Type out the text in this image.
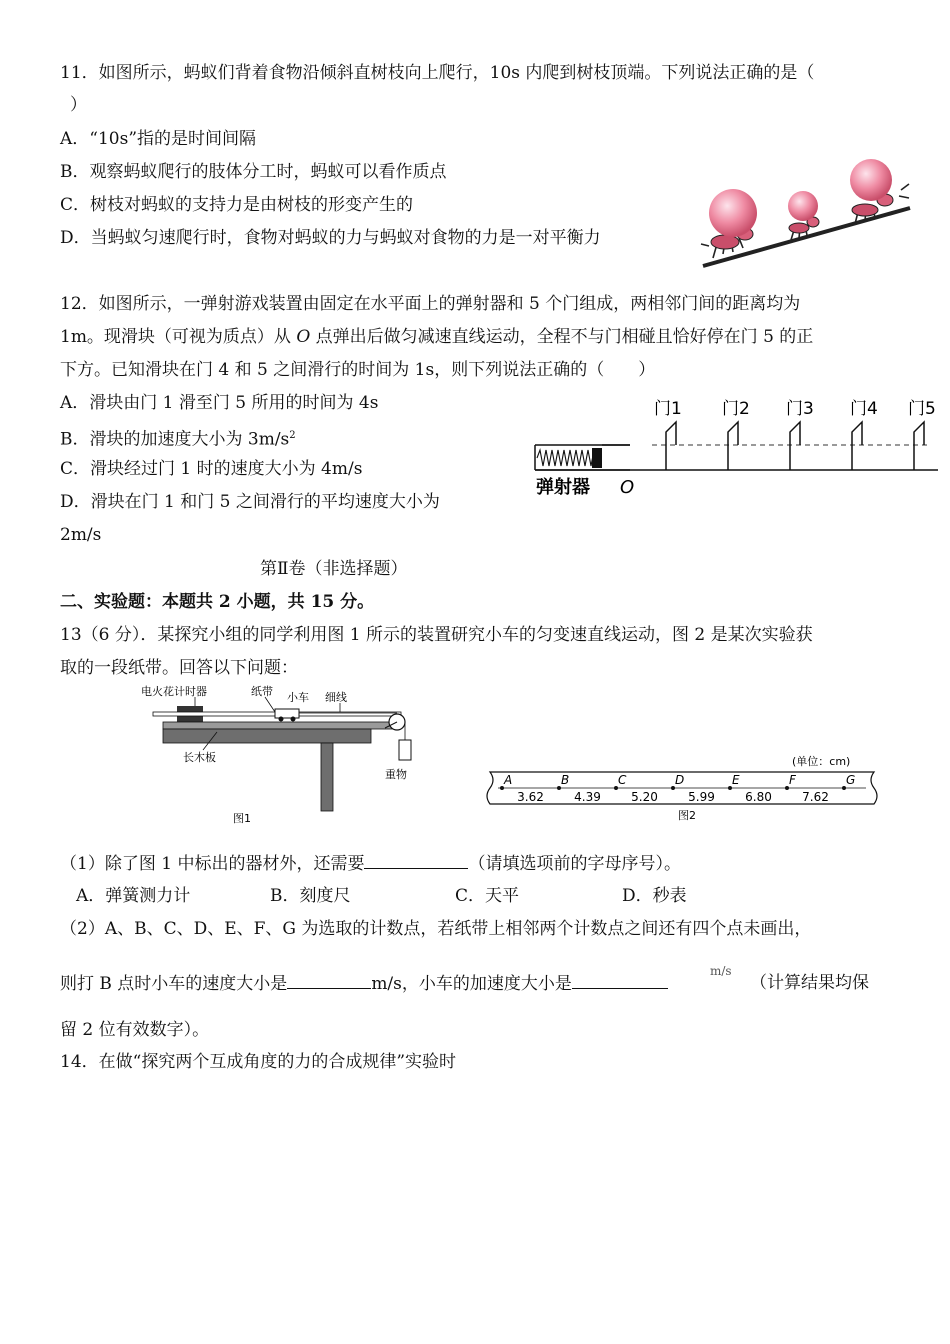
11．如图所示，蚂蚁们背着食物沿倾斜直树枝向上爬行，10s 内爬到树枝顶端。下列说法正确的是（
）
A．“10s”指的是时间间隔
B．观察蚂蚁爬行的肢体分工时，蚂蚁可以看作质点
C．树枝对蚂蚁的支持力是由树枝的形变产生的
D．当蚂蚁匀速爬行时，食物对蚂蚁的力与蚂蚁对食物的力是一对平衡力
12．如图所示，一弹射游戏装置由固定在水平面上的弹射器和 5 个门组成，两相邻门间的距离均为
1m。现滑块（可视为质点）从 O 点弹出后做匀减速直线运动，全程不与门相碰且恰好停在门 5 的正
下方。已知滑块在门 4 和 5 之间滑行的时间为 1s，则下列说法正确的（　　）
A．滑块由门 1 滑至门 5 所用的时间为 4s
B．滑块的加速度大小为 $3m/s^2$
C．滑块经过门 1 时的速度大小为 4m/s
D．滑块在门 1 和门 5 之间滑行的平均速度大小为
2m/s
门1 门2 门3 门4 门5
弹射器 O
第Ⅱ卷（非选择题）
二、实验题：本题共 2 小题，共 15 分。
13（6 分）．某探究小组的同学利用图 1 所示的装置研究小车的匀变速直线运动，图 2 是某次实验获
取的一段纸带。回答以下问题：
电火花计时器	纸带 小车 细线
长木板
重物
图1
(单位：cm)
A	B	C	D	E	F	G
3.62	4.39	5.20	5.99	6.80	7.62
图2
（1）除了图 1 中标出的器材外，还需要	（请填选项前的字母序号）。
A．弹簧测力计	B．刻度尺	C．天平	D．秒表
（2）A、B、C、D、E、F、G 为选取的计数点，若纸带上相邻两个计数点之间还有四个点未画出，
则打 B 点时小车的速度大小是	m/s，小车的加速度大小是
m/s
（计算结果均保
留 2 位有效数字）。
14．在做“探究两个互成角度的力的合成规律”实验时
